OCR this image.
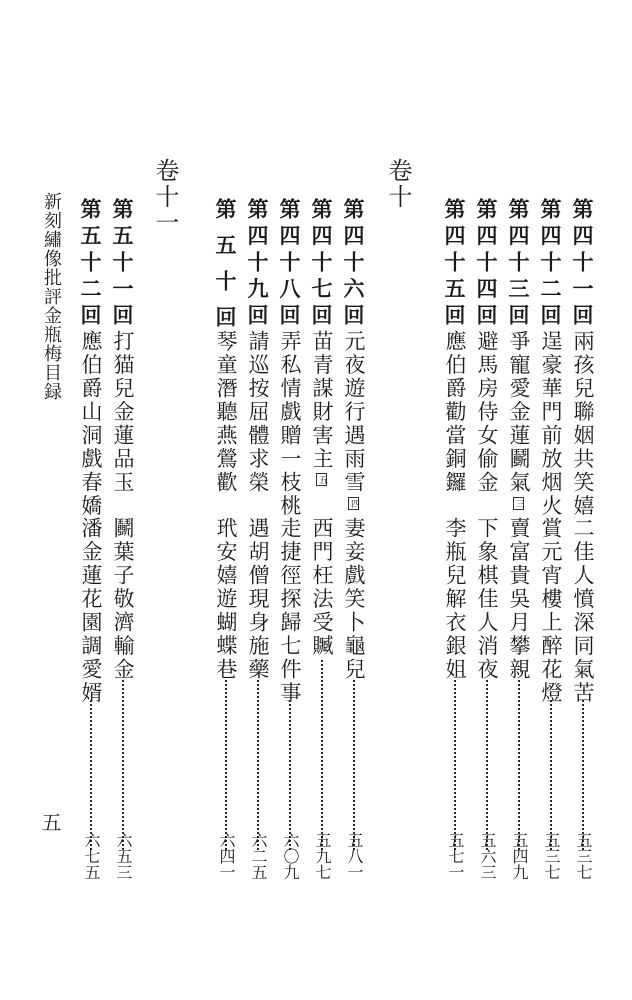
卷十
卷十一
第四十一回
兩孩兒聯姻共笑嬉
二佳人憤深同氣苦
五三七
第四十二回
逞豪華門前放烟火
賞元宵樓上醉花燈
五三七
第四十三回
爭寵愛金蓮鬬氣三
賣富貴吳月攀親
五四九
第四十四回
避馬房侍女偷金
下象棋佳人消夜
五六三
第四十五回
應伯爵勸當銅鑼
李瓶兒解衣銀姐
五七一
第四十六回
元夜遊行遇雨雪四
妻妾戲笑卜龜兒
五八一
第四十七回
苗青謀財害主五
西門枉法受贓
五九七
第四十八回
弄私情戲贈一枝桃
走捷徑探歸七件事
六〇九
第四十九回
請巡按屈體求榮
遇胡僧現身施藥
六二五
第五十回
琴童潛聽燕鶯歡
玳安嬉遊蝴蝶巷
六四一
第五十一回
打猫兒金蓮品玉
鬭葉子敬濟輸金
六五三
第五十二回
應伯爵山洞戲春嬌
潘金蓮花園調愛婿
六七五
新刻繡像批評金瓶梅目録
五
